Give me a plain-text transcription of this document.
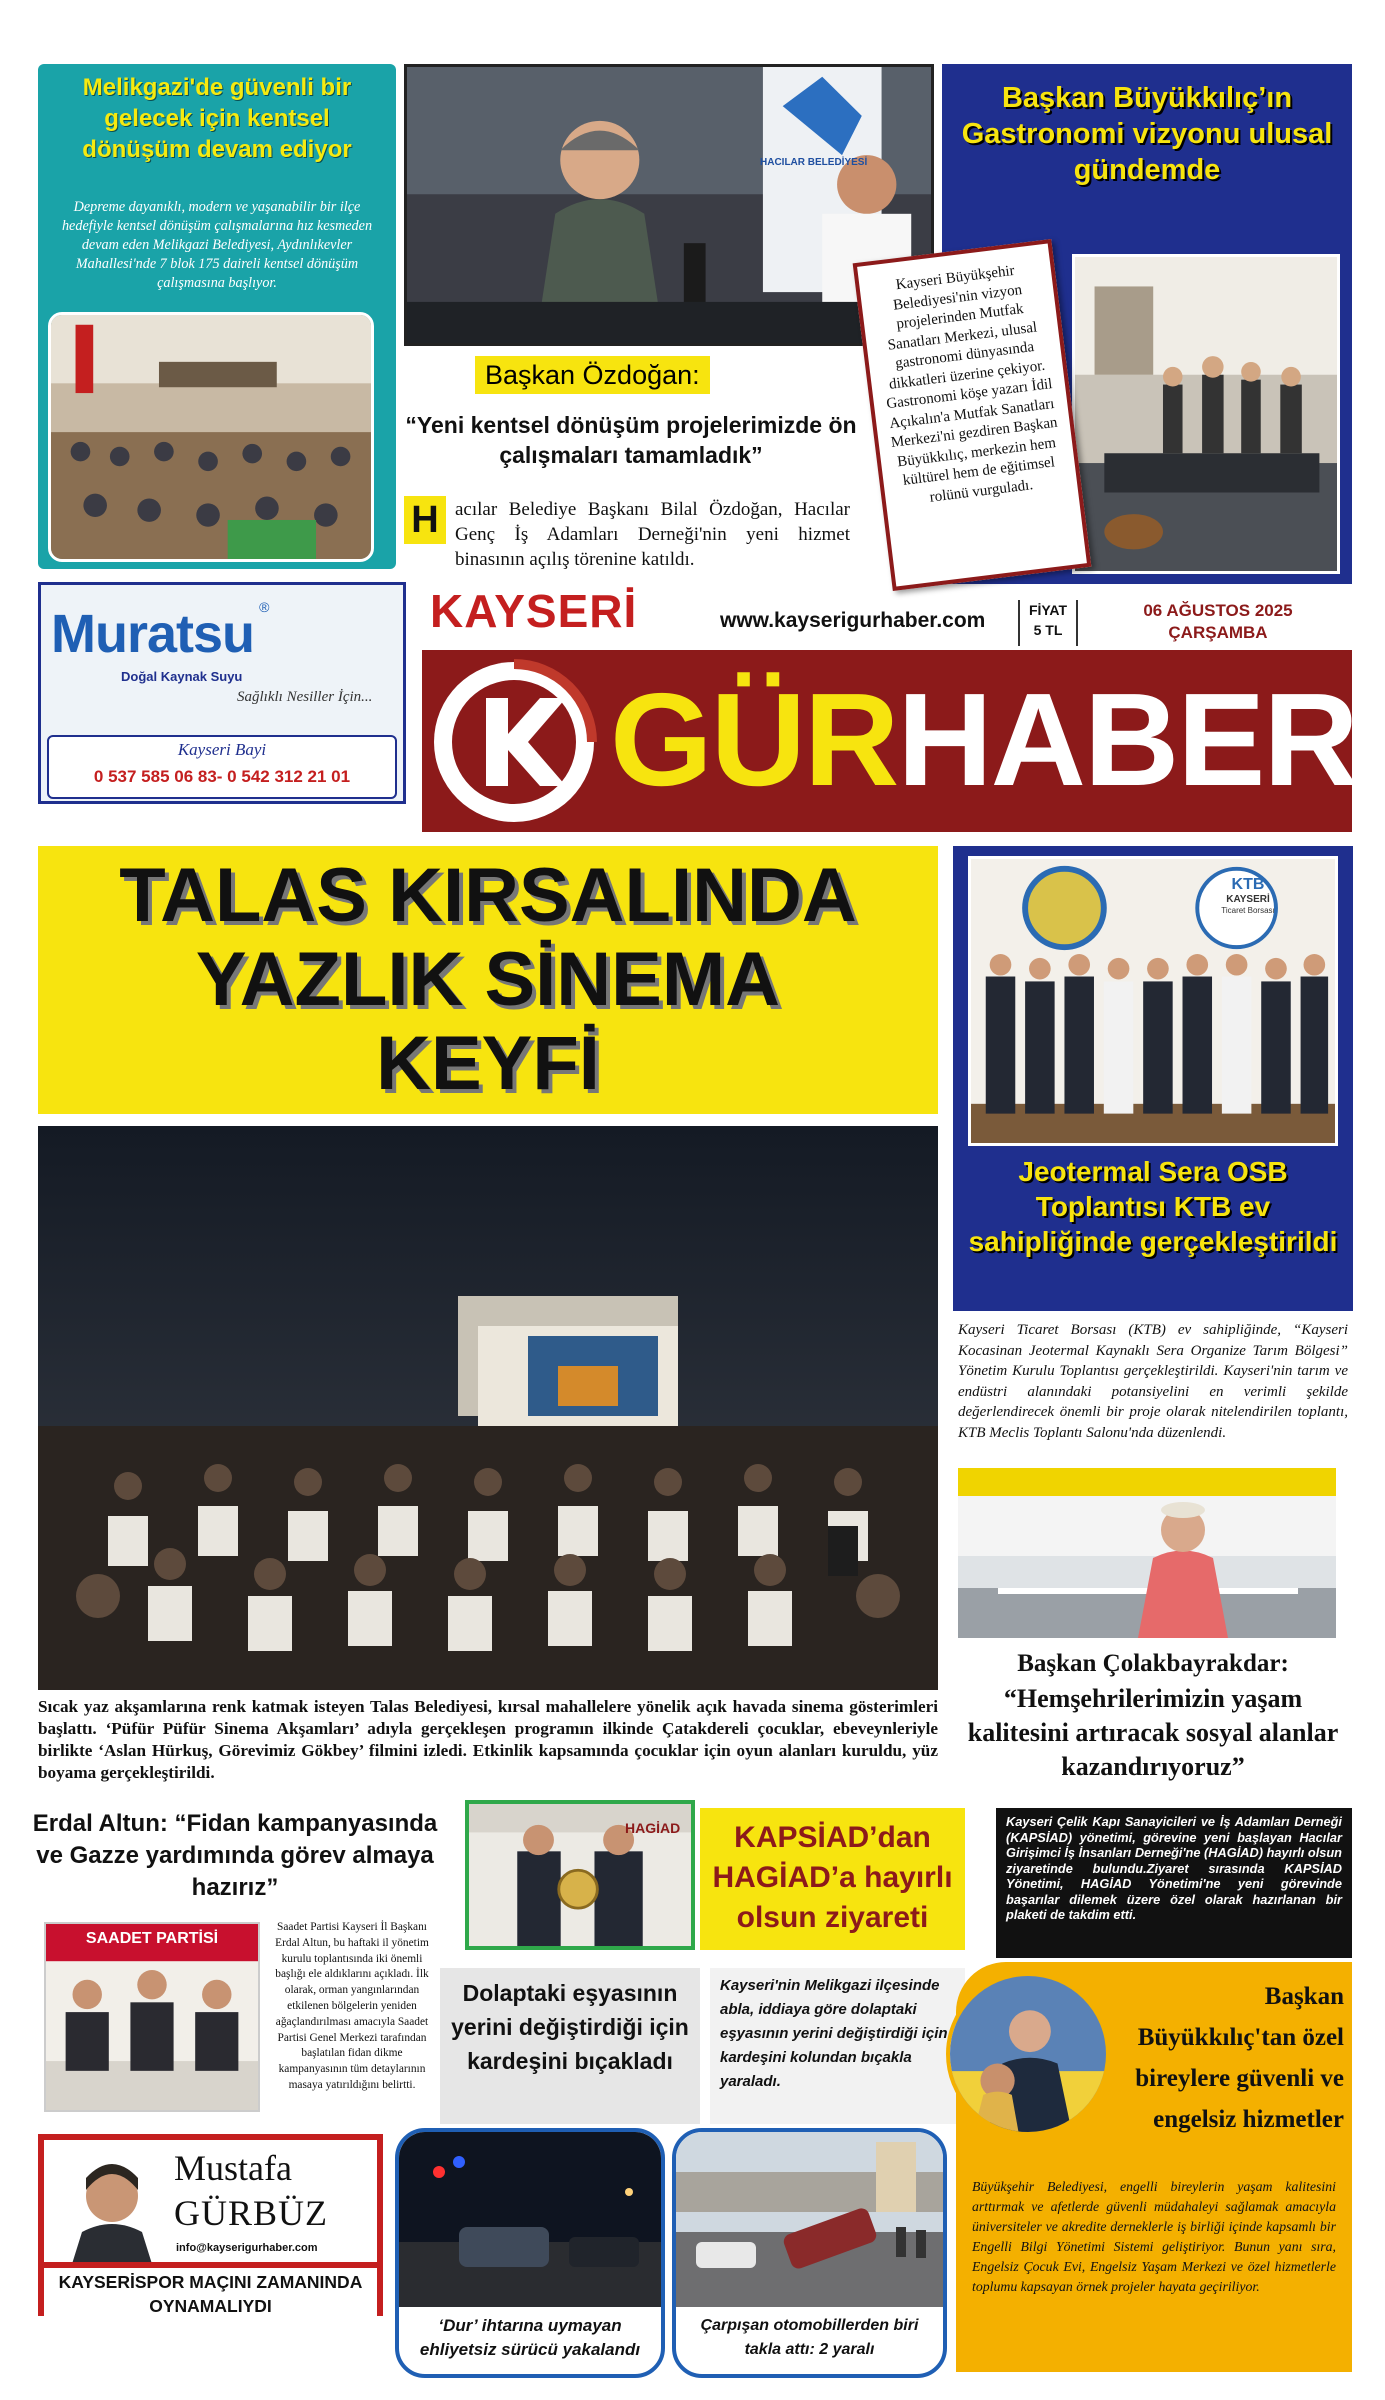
Melikgazi'de güvenli bir gelecek için kentsel dönüşüm devam ediyor
Depreme dayanıklı, modern ve yaşanabilir bir ilçe hedefiyle kentsel dönüşüm çalışmalarına hız kesmeden devam eden Melikgazi Belediyesi, Aydınlıkevler Mahallesi'nde 7 blok 175 daireli kentsel dönüşüm çalışmasına başlıyor.
HACILAR BELEDİYESİ
Başkan Özdoğan:
“Yeni kentsel dönüşüm projelerimizde ön çalışmaları tamamladık”
H acılar Belediye Başkanı Bilal Özdoğan, Hacılar Genç İş Adamları Derneği'nin yeni hizmet binasının açılış törenine katıldı.
Başkan Büyükkılıç’ın Gastronomi vizyonu ulusal gündemde
Kayseri Büyükşehir Belediyesi'nin vizyon projelerinden Mutfak Sanatları Merkezi, ulusal gastronomi dünyasında dikkatleri üzerine çekiyor. Gastronomi köşe yazarı İdil Açıkalın'a Mutfak Sanatları Merkezi'ni gezdiren Başkan Büyükkılıç, merkezin hem kültürel hem de eğitimsel rolünü vurguladı.
Muratsu ®
Doğal Kaynak Suyu
Sağlıklı Nesiller İçin...
Kayseri Bayi
0 537 585 06 83- 0 542 312 21 01
KAYSERİ	www.kayserigurhaber.com	FİYAT
5 TL
06 AĞUSTOS 2025
ÇARŞAMBA
GÜRHABER
TALAS KIRSALINDA
YAZLIK SİNEMA
KEYFİ
Sıcak yaz akşamlarına renk katmak isteyen Talas Belediyesi, kırsal mahallelere yönelik açık havada sinema gösterimleri başlattı. ‘Püfür Püfür Sinema Akşamları’ adıyla gerçekleşen programın ilkinde Çatakdereli çocuklar, ebeveynleriyle birlikte ‘Aslan Hürkuş, Görevimiz Gökbey’ filmini izledi. Etkinlik kapsamında çocuklar için oyun alanları kuruldu, yüz boyama gerçekleştirildi.
KTB
KAYSERİ
Ticaret Borsası
Jeotermal Sera OSB Toplantısı KTB ev sahipliğinde gerçekleştirildi
Kayseri Ticaret Borsası (KTB) ev sahipliğinde, “Kayseri Kocasinan Jeotermal Kaynaklı Sera Organize Tarım Bölgesi” Yönetim Kurulu Toplantısı gerçekleştirildi. Kayseri'nin tarım ve endüstri alanındaki potansiyelini en verimli şekilde değerlendirecek önemli bir proje olarak nitelendirilen toplantı, KTB Meclis Toplantı Salonu'nda düzenlendi.
Başkan Çolakbayrakdar:
“Hemşehrilerimizin yaşam kalitesini artıracak sosyal alanlar kazandırıyoruz”
Erdal Altun: “Fidan kampanyasında ve Gazze yardımında görev almaya hazırız”
SAADET PARTİSİ
Saadet Partisi Kayseri İl Başkanı Erdal Altun, bu haftaki il yönetim kurulu toplantısında iki önemli başlığı ele aldıklarını açıkladı. İlk olarak, orman yangınlarından etkilenen bölgelerin yeniden ağaçlandırılması amacıyla Saadet Partisi Genel Merkezi tarafından başlatılan fidan dikme kampanyasının tüm detaylarının masaya yatırıldığını belirtti.
HAGİAD	KAPSİAD’dan HAGİAD’a hayırlı olsun ziyareti
Kayseri Çelik Kapı Sanayicileri ve İş Adamları Derneği (KAPSİAD) yönetimi, görevine yeni başlayan Hacılar Girişimci İş İnsanları Derneği'ne (HAGİAD) hayırlı olsun ziyaretinde bulundu.Ziyaret sırasında KAPSİAD Yönetimi, HAGİAD Yönetimi'ne yeni görevinde başarılar dilemek üzere özel olarak hazırlanan bir plaketi de takdim etti.
Dolaptaki eşyasının yerini değiştirdiği için kardeşini bıçakladı
Kayseri'nin Melikgazi ilçesinde abla, iddiaya göre dolaptaki eşyasının yerini değiştirdiği için kardeşini kolundan bıçakla yaraladı.
Başkan Büyükkılıç'tan özel bireylere güvenli ve engelsiz hizmetler
Büyükşehir Belediyesi, engelli bireylerin yaşam kalitesini arttırmak ve afetlerde güvenli müdahaleyi sağlamak amacıyla üniversiteler ve akredite derneklerle iş birliği içinde kapsamlı bir Engelli Bilgi Yönetimi Sistemi geliştiriyor. Bunun yanı sıra, Engelsiz Çocuk Evi, Engelsiz Yaşam Merkezi ve özel hizmetlerle toplumu kapsayan örnek projeler hayata geçiriliyor.
Mustafa
GÜRBÜZ
info@kayserigurhaber.com
KAYSERİSPOR MAÇINI ZAMANINDA OYNAMALIYDI
‘Dur’ ihtarına uymayan ehliyetsiz sürücü yakalandı
Çarpışan otomobillerden biri takla attı: 2 yaralı
